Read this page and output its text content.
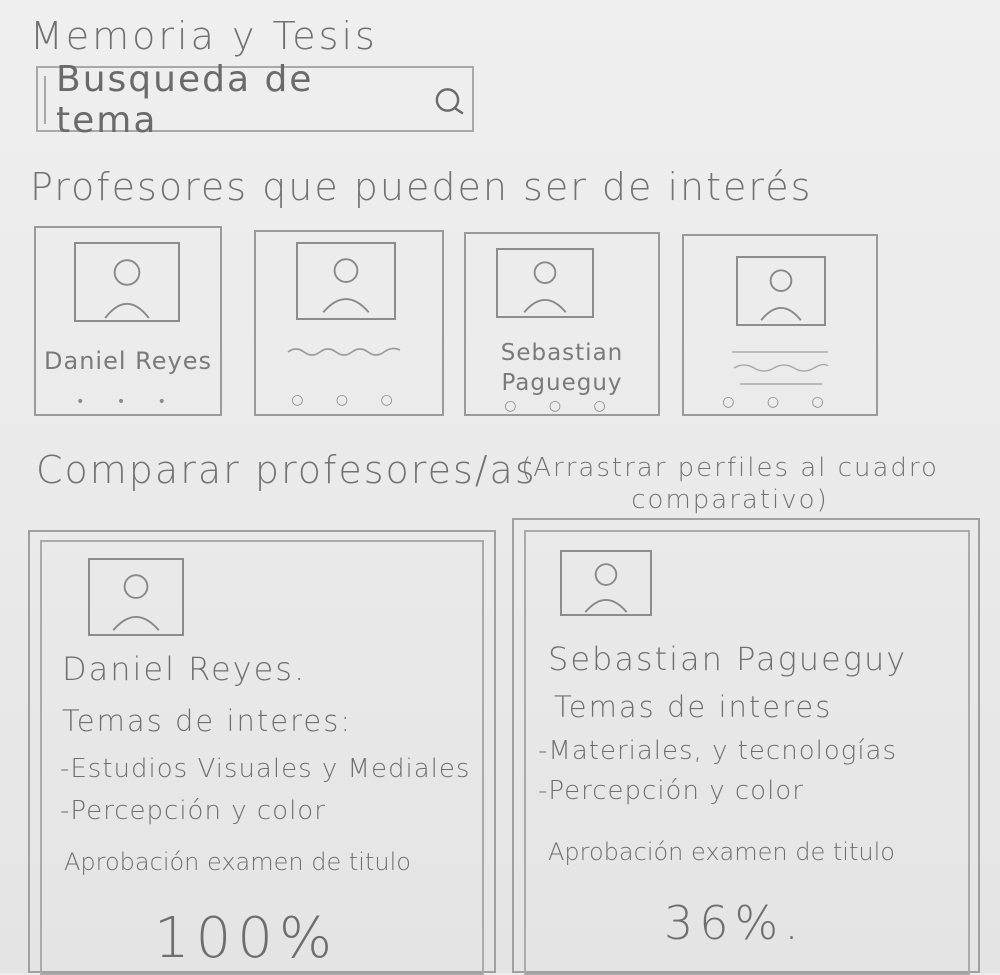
Memoria y Tesis
Busqueda de tema
Profesores que pueden ser de interés
Daniel Reyes
• • •	○ ○ ○
Sebastian Pagueguy
○ ○ ○	○ ○ ○
Comparar profesores/as
(Arrastrar perfiles al cuadro comparativo)
Daniel Reyes.
Temas de interes:
-Estudios Visuales y Mediales
-Percepción y color
Aprobación examen de titulo
100%
Sebastian Pagueguy
Temas de interes
-Materiales, y tecnologías
-Percepción y color
Aprobación examen de titulo
36%.
